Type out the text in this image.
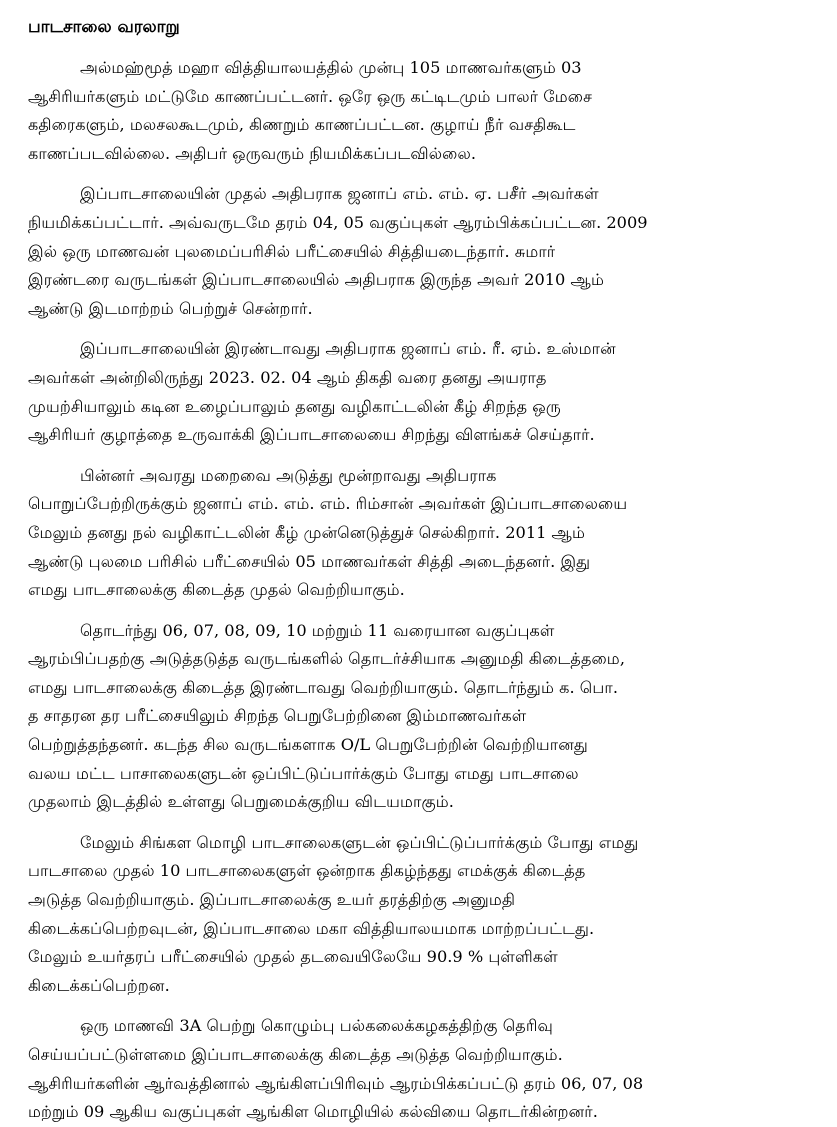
பாடசாலை வரலாறு
அல்மஹ்மூத் மஹா வித்தியாலயத்தில் முன்பு 105 மாணவர்களும் 03
ஆசிரியர்களும் மட்டுமே காணப்பட்டனர். ஒரே ஒரு கட்டிடமும் பாலர் மேசை
கதிரைகளும், மலசலகூடமும், கிணறும் காணப்பட்டன. குழாய் நீர் வசதிகூட
காணப்படவில்லை. அதிபர் ஒருவரும் நியமிக்கப்படவில்லை.
இப்பாடசாலையின் முதல் அதிபராக ஜனாப் எம். எம். ஏ. பசீர் அவர்கள்
நியமிக்கப்பட்டார். அவ்வருடமே தரம் 04, 05 வகுப்புகள் ஆரம்பிக்கப்பட்டன. 2009
இல் ஒரு மாணவன் புலமைப்பரிசில் பரீட்சையில் சித்தியடைந்தார். சுமார்
இரண்டரை வருடங்கள் இப்பாடசாலையில் அதிபராக இருந்த அவர் 2010 ஆம்
ஆண்டு இடமாற்றம் பெற்றுச் சென்றார்.
இப்பாடசாலையின் இரண்டாவது அதிபராக ஜனாப் எம். ரீ. ஏம். உஸ்மான்
அவர்கள் அன்றிலிருந்து 2023. 02. 04 ஆம் திகதி வரை தனது அயராத
முயற்சியாலும் கடின உழைப்பாலும் தனது வழிகாட்டலின் கீழ் சிறந்த ஒரு
ஆசிரியர் குழாத்தை உருவாக்கி இப்பாடசாலையை சிறந்து விளங்கச் செய்தார்.
பின்னர் அவரது மறைவை அடுத்து மூன்றாவது அதிபராக
பொறுப்பேற்றிருக்கும் ஜனாப் எம். எம். எம். ரிம்சான் அவர்கள் இப்பாடசாலையை
மேலும் தனது நல் வழிகாட்டலின் கீழ் முன்னெடுத்துச் செல்கிறார். 2011 ஆம்
ஆண்டு புலமை பரிசில் பரீட்சையில் 05 மாணவர்கள் சித்தி அடைந்தனர். இது
எமது பாடசாலைக்கு கிடைத்த முதல் வெற்றியாகும்.
தொடர்ந்து 06, 07, 08, 09, 10 மற்றும் 11 வரையான வகுப்புகள்
ஆரம்பிப்பதற்கு அடுத்தடுத்த வருடங்களில் தொடர்ச்சியாக அனுமதி கிடைத்தமை,
எமது பாடசாலைக்கு கிடைத்த இரண்டாவது வெற்றியாகும். தொடர்ந்தும் க. பொ.
த சாதரன தர பரீட்சையிலும் சிறந்த பெறுபேற்றினை இம்மாணவர்கள்
பெற்றுத்தந்தனர். கடந்த சில வருடங்களாக O/L பெறுபேற்றின் வெற்றியானது
வலய மட்ட பாசாலைகளுடன் ஒப்பிட்டுப்பார்க்கும் போது எமது பாடசாலை
முதலாம் இடத்தில் உள்ளது பெறுமைக்குறிய விடயமாகும்.
மேலும் சிங்கள மொழி பாடசாலைகளுடன் ஒப்பிட்டுப்பார்க்கும் போது எமது
பாடசாலை முதல் 10 பாடசாலைகளுள் ஒன்றாக திகழ்ந்தது எமக்குக் கிடைத்த
அடுத்த வெற்றியாகும். இப்பாடசாலைக்கு உயர் தரத்திற்கு அனுமதி
கிடைக்கப்பெற்றவுடன், இப்பாடசாலை மகா வித்தியாலயமாக மாற்றப்பட்டது.
மேலும் உயர்தரப் பரீட்சையில் முதல் தடவையிலேயே 90.9 % புள்ளிகள்
கிடைக்கப்பெற்றன.
ஒரு மாணவி 3A பெற்று கொழும்பு பல்கலைக்கழகத்திற்கு தெரிவு
செய்யப்பட்டுள்ளமை இப்பாடசாலைக்கு கிடைத்த அடுத்த வெற்றியாகும்.
ஆசிரியர்களின் ஆர்வத்தினால் ஆங்கிளப்பிரிவும் ஆரம்பிக்கப்பட்டு தரம் 06, 07, 08
மற்றும் 09 ஆகிய வகுப்புகள் ஆங்கிள மொழியில் கல்வியை தொடர்கின்றனர்.
